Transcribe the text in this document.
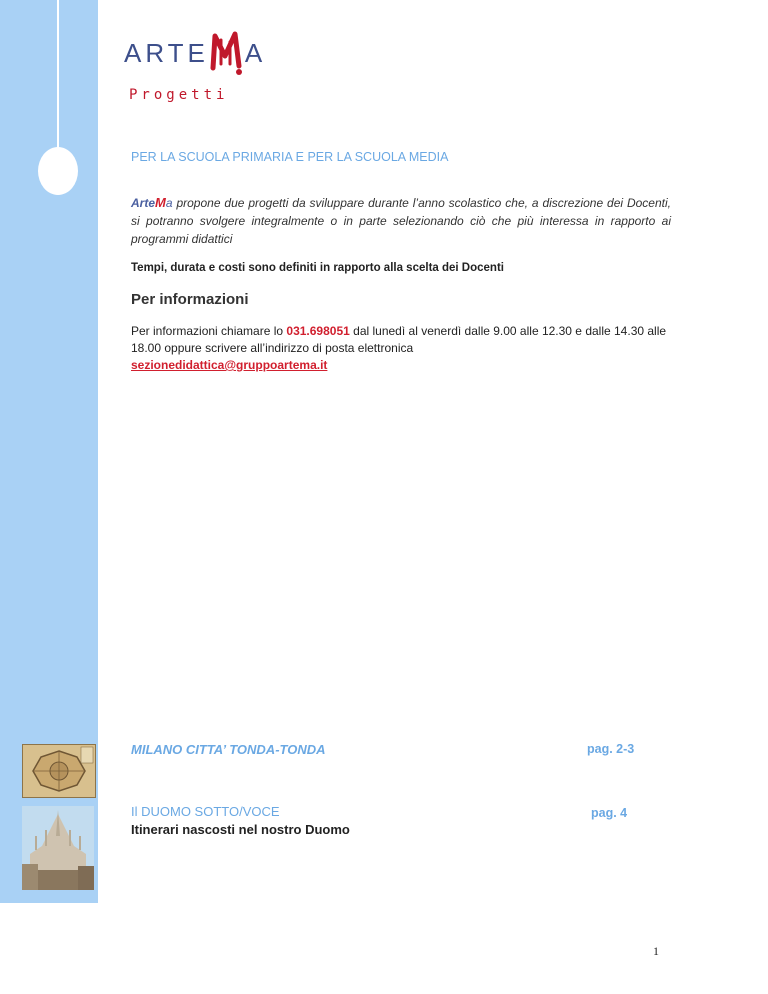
ARTE A
Progetti
PER LA SCUOLA PRIMARIA E PER LA SCUOLA MEDIA
ArteMa propone due progetti da sviluppare durante l’anno scolastico che, a discrezione dei Docenti, si potranno svolgere integralmente o in parte selezionando ciò che più interessa in rapporto ai programmi didattici
Tempi, durata e costi sono definiti in rapporto alla scelta dei Docenti
Per informazioni
Per informazioni chiamare lo 031.698051 dal lunedì al venerdì dalle 9.00 alle 12.30 e dalle 14.30 alle 18.00 oppure scrivere all’indirizzo di posta elettronica
sezionedidattica@gruppoartema.it
MILANO CITTA’ TONDA-TONDA	pag. 2-3
Il DUOMO SOTTO/VOCE	pag. 4
Itinerari nascosti nel nostro Duomo
1
